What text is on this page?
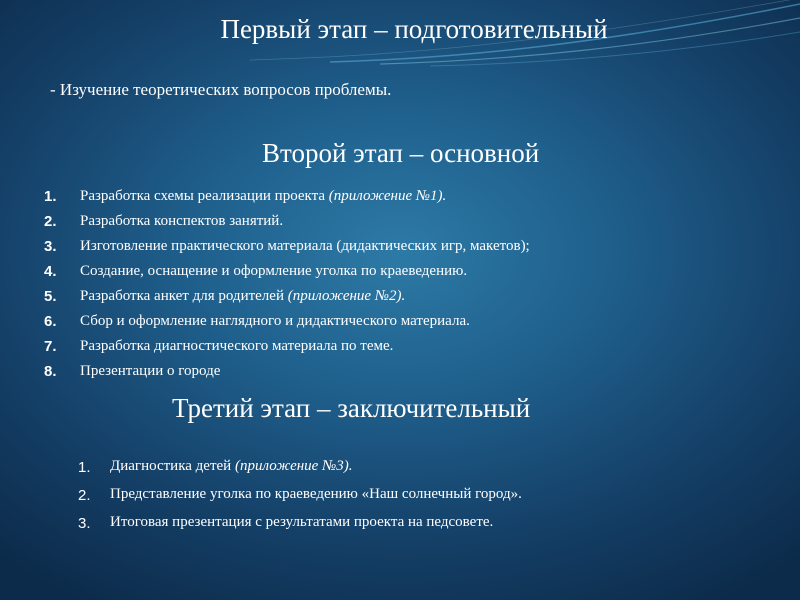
Первый этап – подготовительный
- Изучение теоретических вопросов проблемы.
Второй этап – основной
1. Разработка схемы реализации проекта (приложение №1).
2. Разработка конспектов занятий.
3. Изготовление практического материала (дидактических игр, макетов);
4. Создание, оснащение и оформление уголка по краеведению.
5. Разработка анкет для родителей (приложение №2).
6. Сбор и оформление наглядного и дидактического материала.
7. Разработка диагностического материала по теме.
8. Презентации о городе
Третий этап – заключительный
1. Диагностика детей (приложение №3).
2. Представление уголка по краеведению «Наш солнечный город».
3. Итоговая презентация с результатами проекта на педсовете.
